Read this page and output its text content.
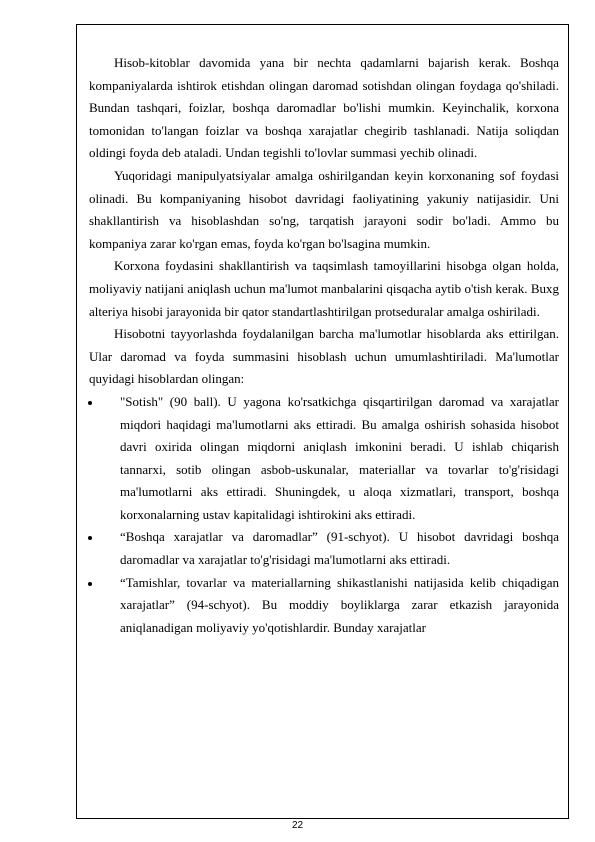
Hisob-kitoblar davomida yana bir nechta qadamlarni bajarish kerak. Boshqa kompaniyalarda ishtirok etishdan olingan daromad sotishdan olingan foydaga qo'shiladi. Bundan tashqari, foizlar, boshqa daromadlar bo'lishi mumkin. Keyinchalik, korxona tomonidan to'langan foizlar va boshqa xarajatlar chegirib tashlanadi. Natija soliqdan oldingi foyda deb ataladi. Undan tegishli to'lovlar summasi yechib olinadi.

Yuqoridagi manipulyatsiyalar amalga oshirilgandan keyin korxonaning sof foydasi olinadi. Bu kompaniyaning hisobot davridagi faoliyatining yakuniy natijasidir. Uni shakllantirish va hisoblashdan so'ng, tarqatish jarayoni sodir bo'ladi. Ammo bu kompaniya zarar ko'rgan emas, foyda ko'rgan bo'lsagina mumkin.

Korxona foydasini shakllantirish va taqsimlash tamoyillarini hisobga olgan holda, moliyaviy natijani aniqlash uchun ma'lumot manbalarini qisqacha aytib o'tish kerak. Buxg alteriya hisobi jarayonida bir qator standartlashtirilgan protseduralar amalga oshiriladi.

Hisobotni tayyorlashda foydalanilgan barcha ma'lumotlar hisoblarda aks ettirilgan. Ular daromad va foyda summasini hisoblash uchun umumlashtiriladi. Ma'lumotlar quyidagi hisoblardan olingan:

"Sotish" (90 ball). U yagona ko'rsatkichga qisqartirilgan daromad va xarajatlar miqdori haqidagi ma'lumotlarni aks ettiradi. Bu amalga oshirish sohasida hisobot davri oxirida olingan miqdorni aniqlash imkonini beradi. U ishlab chiqarish tannarxi, sotib olingan asbob-uskunalar, materiallar va tovarlar to'g'risidagi ma'lumotlarni aks ettiradi. Shuningdek, u aloqa xizmatlari, transport, boshqa korxonalarning ustav kapitalidagi ishtirokini aks ettiradi.
“Boshqa xarajatlar va daromadlar” (91-schyot). U hisobot davridagi boshqa daromadlar va xarajatlar to'g'risidagi ma'lumotlarni aks ettiradi.
“Tamishlar, tovarlar va materiallarning shikastlanishi natijasida kelib chiqadigan xarajatlar” (94-schyot). Bu moddiy boyliklarga zarar etkazish jarayonida aniqlanadigan moliyaviy yo'qotishlardir. Bunday xarajatlar
22
